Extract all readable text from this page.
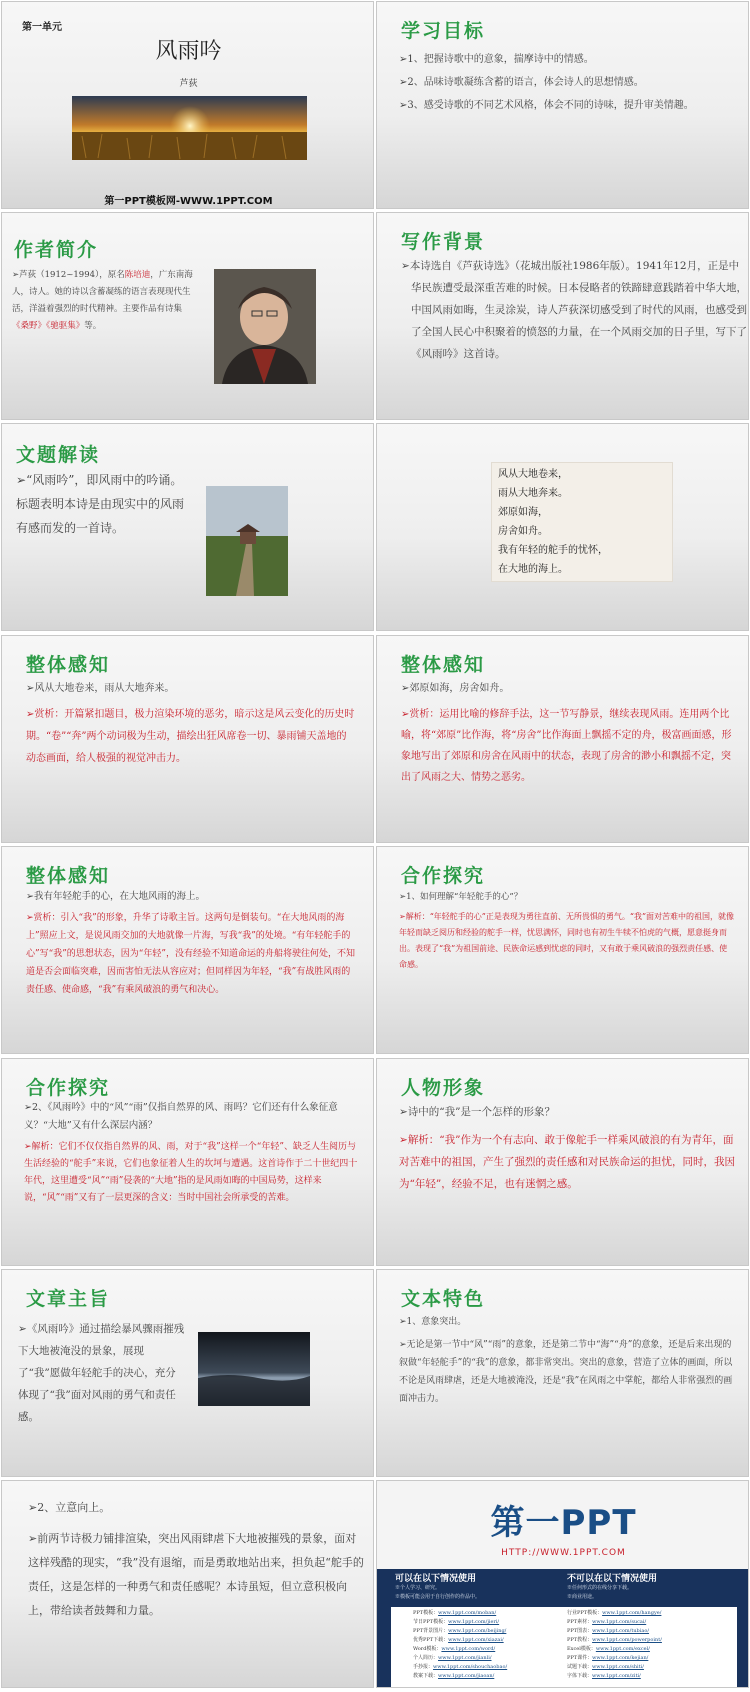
第一单元
风雨吟
芦荻
第一PPT模板网-WWW.1PPT.COM
学习目标

➢1、把握诗歌中的意象，揣摩诗中的情感。

➢2、品味诗歌凝练含蓄的语言，体会诗人的思想情感。

➢3、感受诗歌的不同艺术风格，体会不同的诗味，提升审美情趣。

作者简介
➢芦荻（1912~1994），原名陈培迪，广东南海人，诗人。她的诗以含蓄凝练的语言表现现代生活，洋溢着强烈的时代精神。主要作品有诗集《桑野》《驰驱集》等。
写作背景
➢本诗选自《芦荻诗选》（花城出版社1986年版）。1941年12月，正是中华民族遭受最深重苦难的时候。日本侵略者的铁蹄肆意践踏着中华大地，中国风雨如晦，生灵涂炭，诗人芦荻深切感受到了时代的风雨，也感受到了全国人民心中积聚着的愤怒的力量，在一个风雨交加的日子里，写下了《风雨吟》这首诗。
文题解读
➢“风雨吟”，即风雨中的吟诵。标题表明本诗是由现实中的风雨有感而发的一首诗。
风从大地卷来，
雨从大地奔来。
郊原如海，
房舍如舟。
我有年轻的舵手的忧怀，
在大地的海上。
整体感知
➢风从大地卷来，雨从大地奔来。
➢赏析：开篇紧扣题目，极力渲染环境的恶劣，暗示这是风云变化的历史时期。“卷”“奔”两个动词极为生动，描绘出狂风席卷一切、暴雨铺天盖地的动态画面，给人极强的视觉冲击力。
整体感知
➢郊原如海，房舍如舟。
➢赏析：运用比喻的修辞手法，这一节写静景，继续表现风雨。连用两个比喻，将“郊原”比作海，将“房舍”比作海面上飘摇不定的舟，极富画面感，形象地写出了郊原和房舍在风雨中的状态，表现了房舍的渺小和飘摇不定，突出了风雨之大、情势之恶劣。
整体感知
➢我有年轻舵手的心，在大地风雨的海上。
➢赏析：引入“我”的形象，升华了诗歌主旨。这两句是倒装句。“在大地风雨的海上”照应上文，是说风雨交加的大地就像一片海，写我“我”的处境。“有年轻舵手的心”写“我”的思想状态，因为“年轻”，没有经验不知道命运的舟船将驶往何处，不知道是否会面临突难，因而害怕无法从容应对；但同样因为年轻，“我”有战胜风雨的责任感、使命感，“我”有乘风破浪的勇气和决心。
合作探究
➢1、如何理解“年轻舵手的心”？
➢解析：“年轻舵手的心”正是表现为勇往直前、无所畏惧的勇气。“我”面对苦难中的祖国，就像年轻而缺乏阅历和经验的舵手一样，忧思满怀，同时也有初生牛犊不怕虎的气概，愿意挺身而出。表现了“我”为祖国前途、民族命运感到忧虑的同时，又有敢于乘风破浪的强烈责任感、使命感。
合作探究
➢2、《风雨吟》中的“风”“雨”仅指自然界的风、雨吗？它们还有什么象征意义？“大地”又有什么深层内涵？
➢解析：它们不仅仅指自然界的风、雨，对于“我”这样一个“年轻”、缺乏人生阅历与生活经验的“舵手”来说，它们也象征着人生的坎坷与遭遇。这首诗作于二十世纪四十年代，这里遭受“风”“雨”侵袭的“大地”指的是风雨如晦的中国局势，这样来说，“风”“雨”又有了一层更深的含义：当时中国社会所承受的苦难。
人物形象
➢诗中的“我”是一个怎样的形象？
➢解析：“我”作为一个有志向、敢于像舵手一样乘风破浪的有为青年，面对苦难中的祖国，产生了强烈的责任感和对民族命运的担忧，同时，我因为“年轻”，经验不足，也有迷惘之感。
文章主旨
➢《风雨吟》通过描绘暴风骤雨摧残下大地被淹没的景象，展现了“我”愿做年轻舵手的决心，充分体现了“我”面对风雨的勇气和责任感。
文本特色
➢1、意象突出。
➢无论是第一节中“风”“雨”的意象，还是第二节中“海”“舟”的意象，还是后来出现的叙做“年轻舵手”的“我”的意象，都非常突出。突出的意象，营造了立体的画面，所以不论是风雨肆虐，还是大地被淹没，还是“我”在风雨之中掌舵，都给人非常强烈的画面冲击力。
➢2、立意向上。
➢前两节诗极力铺排渲染，突出风雨肆虐下大地被摧残的景象，面对这样残酷的现实，“我”没有退缩，而是勇敢地站出来，担负起“舵手的责任，这是怎样的一种勇气和责任感呢？本诗虽短，但立意积极向上，带给读者鼓舞和力量。
第一PPT
HTTP://WWW.1PPT.COM
可以在以下情况使用
※个人学习、研究。
※模板可能会用于自行创作的作品中。
不可以在以下情况使用
※任何形式的在线分享下载。
※商业用途。
PPT模板：www.1ppt.com/moban/
节日PPT模板：www.1ppt.com/jieri/
PPT背景图片：www.1ppt.com/beijing/
优秀PPT下载：www.1ppt.com/xiazai/
Word模板：www.1ppt.com/word/
个人简历：www.1ppt.com/jianli/
手抄报：www.1ppt.com/shouchaobao/
教案下载：www.1ppt.com/jiaoan/
行业PPT模板：www.1ppt.com/hangye/
PPT素材：www.1ppt.com/sucai/
PPT图表：www.1ppt.com/tubiao/
PPT教程：www.1ppt.com/powerpoint/
Excel模板：www.1ppt.com/excel/
PPT课件：www.1ppt.com/kejian/
试题下载：www.1ppt.com/shiti/
字体下载：www.1ppt.com/ziti/
